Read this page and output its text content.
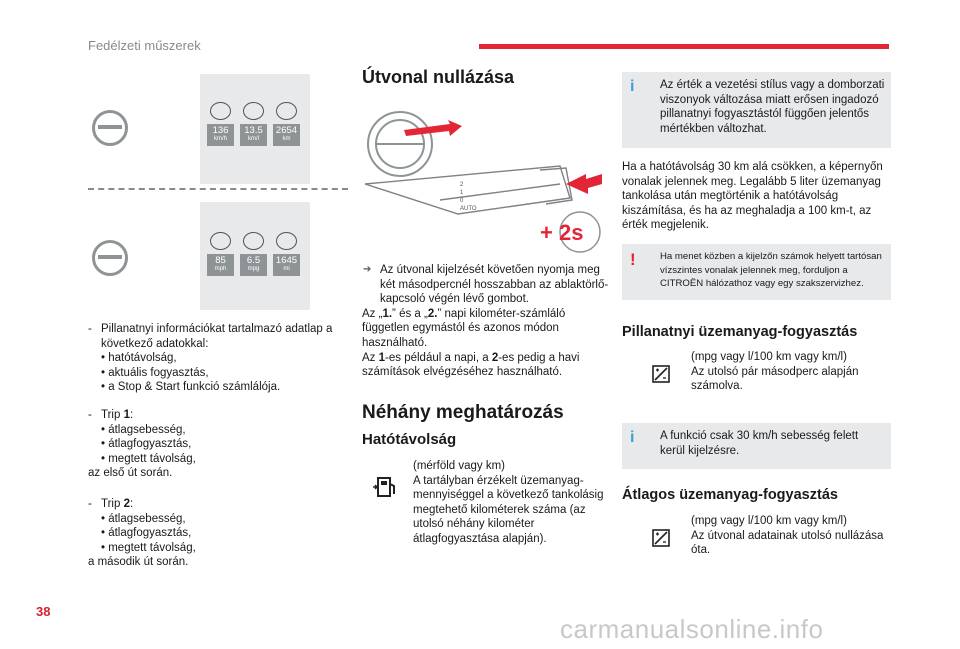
Fedélzeti műszerek
136
km/h
13.5
km/l
2654
km
85
mph
6.5
mpg
1645
mi
- Pillanatnyi információkat tartalmazó adatlap a következő adatokkal:
• hatótávolság,
• aktuális fogyasztás,
• a Stop & Start funkció számlálója.
- Trip 1:
• átlagsebesség,
• átlagfogyasztás,
• megtett távolság,
az első út során.
- Trip 2:
• átlagsebesség,
• átlagfogyasztás,
• megtett távolság,
a második út során.
Útvonal nullázása
2
1
0
AUTO
+ 2s
➔ Az útvonal kijelzését követően nyomja meg két másodpercnél hosszabban az ablaktörlő-kapcsoló végén lévő gombot.
Az „1.” és a „2.” napi kilométer-számláló független egymástól és azonos módon használható.
Az 1-es például a napi, a 2-es pedig a havi számítások elvégzéséhez használható.
Néhány meghatározás
Hatótávolság
(mérföld vagy km)
A tartályban érzékelt üzemanyag-mennyiséggel a következő tankolásig megtehető kilométerek száma (az utolsó néhány kilométer átlagfogyasztása alapján).
i Az érték a vezetési stílus vagy a domborzati viszonyok változása miatt erősen ingadozó pillanatnyi fogyasztástól függően jelentős mértékben változhat.
Ha a hatótávolság 30 km alá csökken, a képernyőn vonalak jelennek meg. Legalább 5 liter üzemanyag tankolása után megtörténik a hatótávolság kiszámítása, és ha az meghaladja a 100 km-t, az érték megjelenik.
!	Ha menet közben a kijelzőn számok helyett tartósan vízszintes vonalak jelennek meg, forduljon a CITROËN hálózathoz vagy egy szakszervizhez.
Pillanatnyi üzemanyag-fogyasztás
(mpg vagy l/100 km vagy km/l)
Az utolsó pár másodperc alapján számolva.
i A funkció csak 30 km/h sebesség felett kerül kijelzésre.
Átlagos üzemanyag-fogyasztás
(mpg vagy l/100 km vagy km/l)
Az útvonal adatainak utolsó nullázása óta.
38
carmanualsonline.info
